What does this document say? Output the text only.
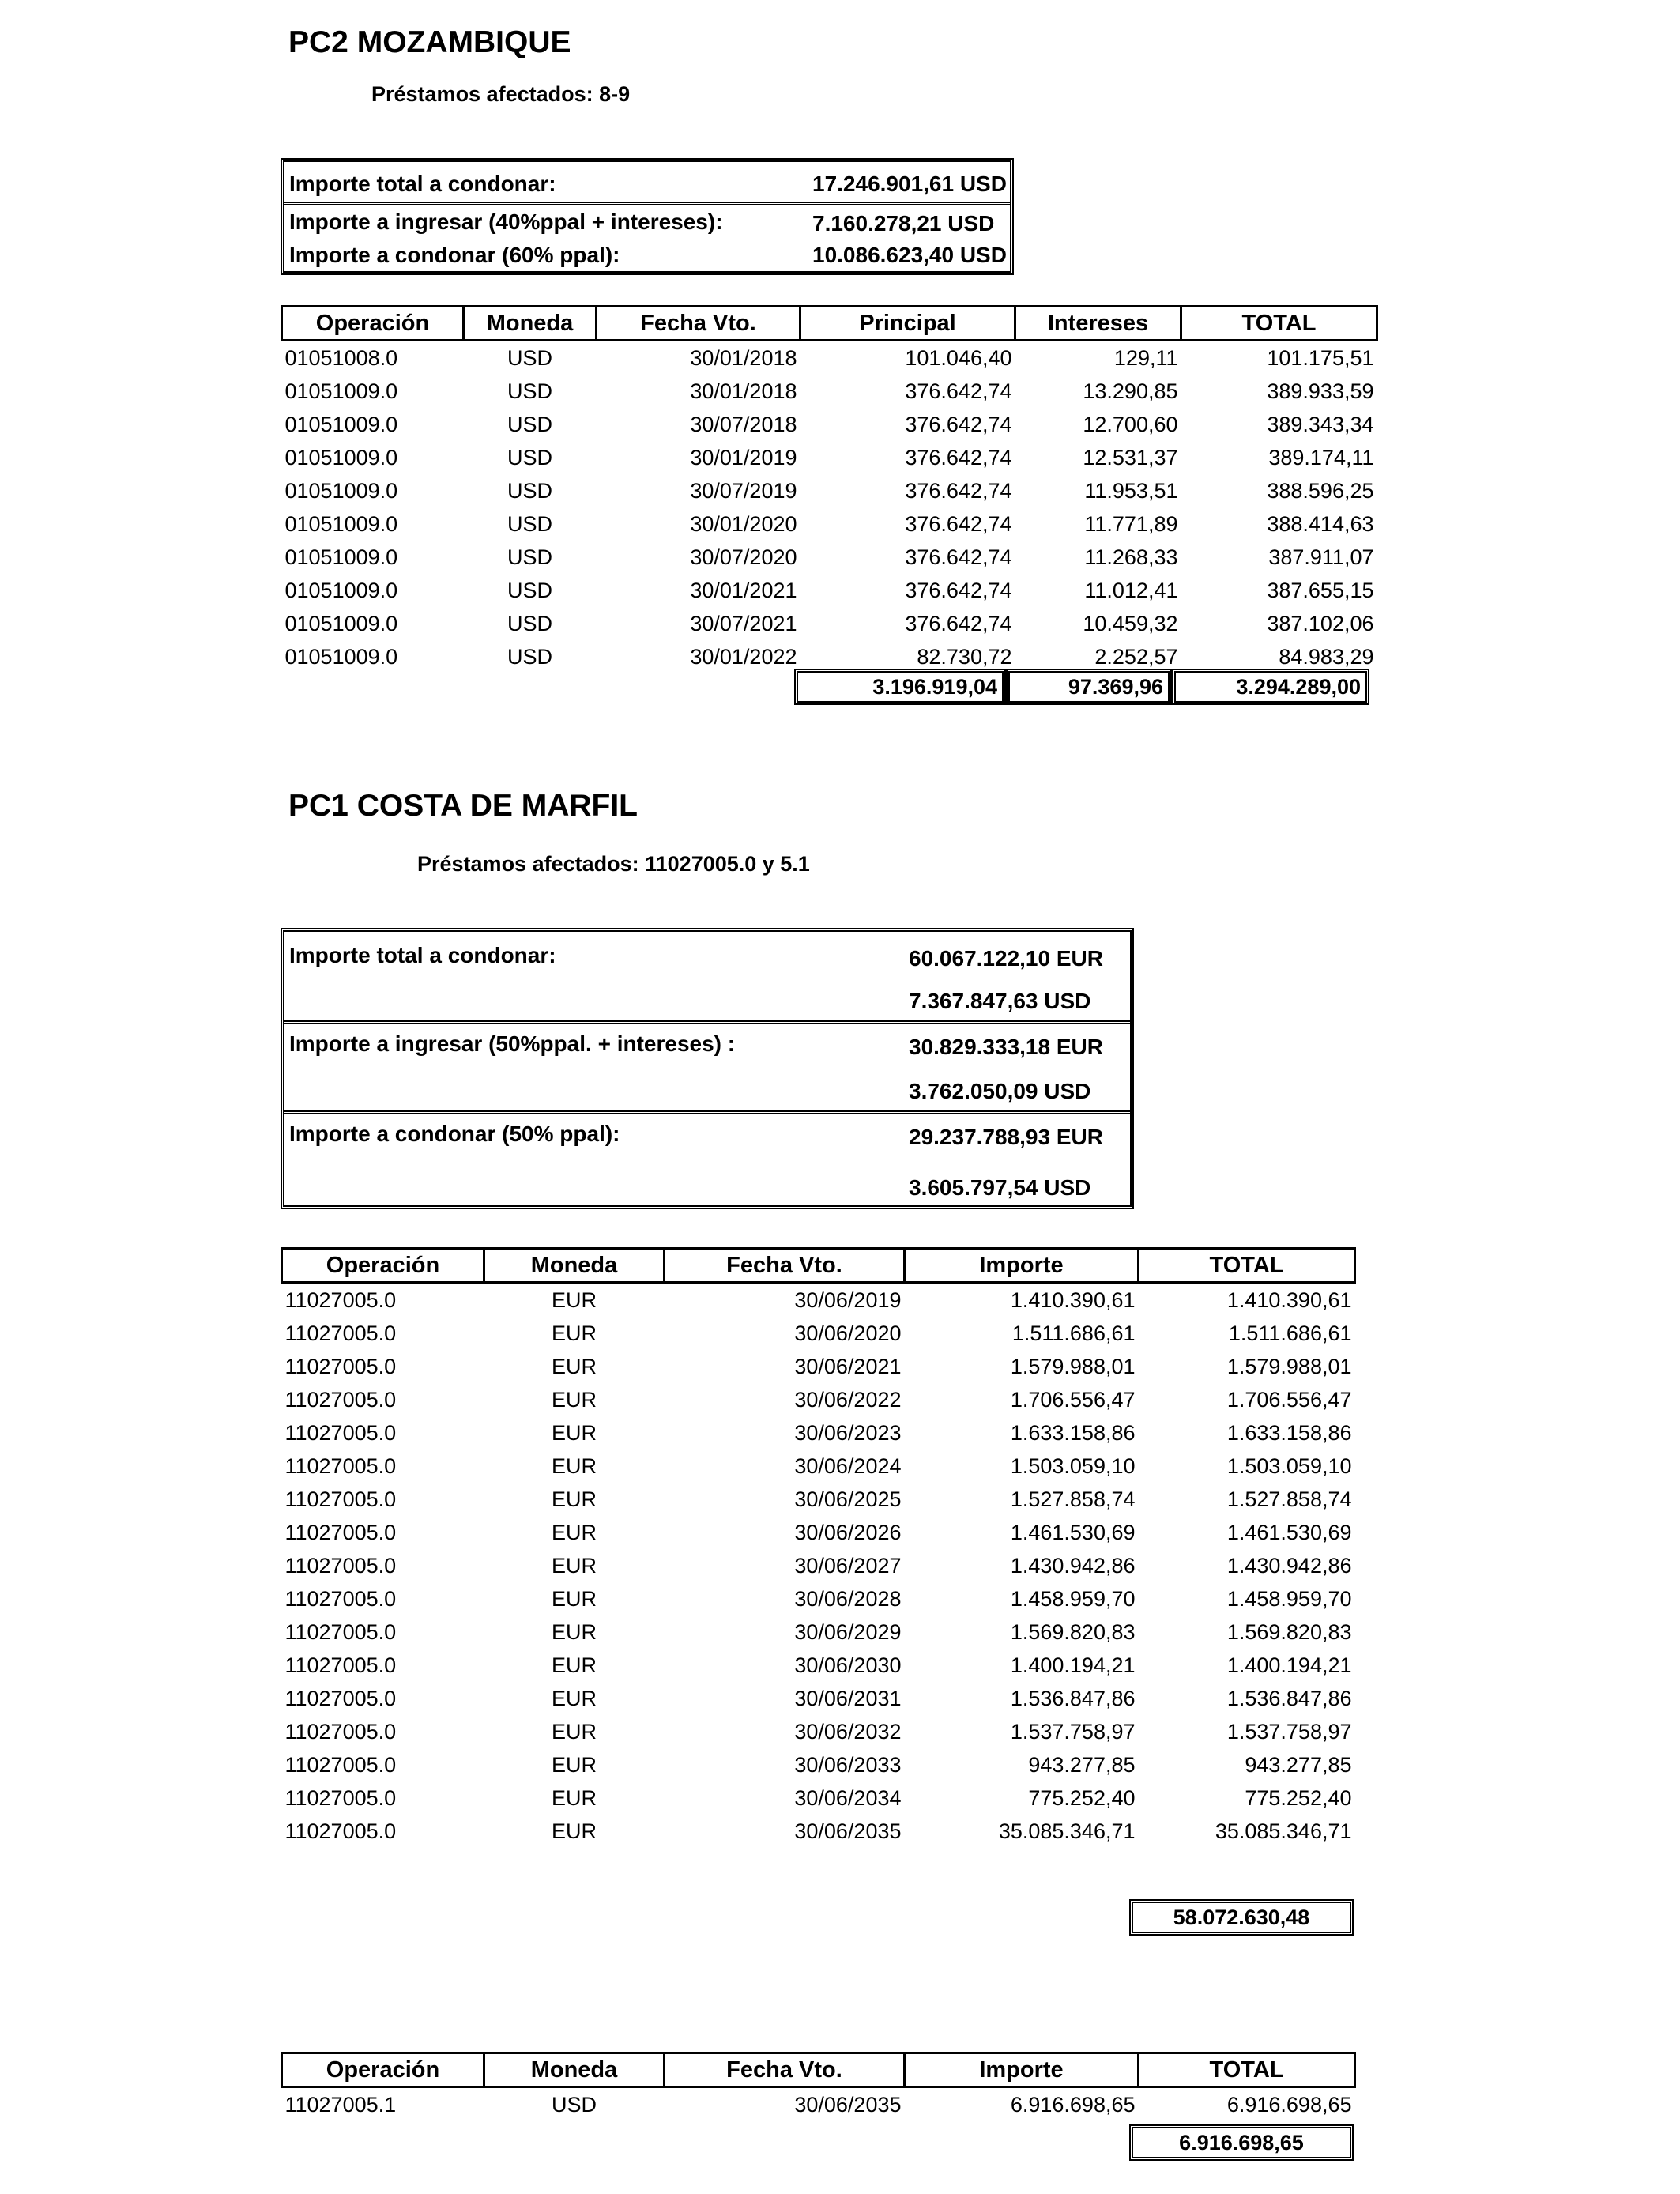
PC2 MOZAMBIQUE
Préstamos afectados: 8-9
Importe total a condonar:	17.246.901,61 USD
Importe a ingresar (40%ppal + intereses):	7.160.278,21 USD
Importe a condonar (60% ppal):	10.086.623,40 USD
Operación	Moneda	Fecha Vto.	Principal	Intereses	TOTAL
01051008.0	USD	30/01/2018	101.046,40	129,11	101.175,51
01051009.0	USD	30/01/2018	376.642,74	13.290,85	389.933,59
01051009.0	USD	30/07/2018	376.642,74	12.700,60	389.343,34
01051009.0	USD	30/01/2019	376.642,74	12.531,37	389.174,11
01051009.0	USD	30/07/2019	376.642,74	11.953,51	388.596,25
01051009.0	USD	30/01/2020	376.642,74	11.771,89	388.414,63
01051009.0	USD	30/07/2020	376.642,74	11.268,33	387.911,07
01051009.0	USD	30/01/2021	376.642,74	11.012,41	387.655,15
01051009.0	USD	30/07/2021	376.642,74	10.459,32	387.102,06
01051009.0	USD	30/01/2022	82.730,72	2.252,57	84.983,29
3.196.919,04	97.369,96	3.294.289,00
PC1 COSTA DE MARFIL
Préstamos afectados: 11027005.0 y 5.1
Importe total a condonar:	60.067.122,10 EUR
7.367.847,63 USD
Importe a ingresar (50%ppal. + intereses) :	30.829.333,18 EUR
3.762.050,09 USD
Importe a condonar (50% ppal):	29.237.788,93 EUR
3.605.797,54 USD
Operación	Moneda	Fecha Vto.	Importe	TOTAL
11027005.0	EUR	30/06/2019	1.410.390,61	1.410.390,61
11027005.0	EUR	30/06/2020	1.511.686,61	1.511.686,61
11027005.0	EUR	30/06/2021	1.579.988,01	1.579.988,01
11027005.0	EUR	30/06/2022	1.706.556,47	1.706.556,47
11027005.0	EUR	30/06/2023	1.633.158,86	1.633.158,86
11027005.0	EUR	30/06/2024	1.503.059,10	1.503.059,10
11027005.0	EUR	30/06/2025	1.527.858,74	1.527.858,74
11027005.0	EUR	30/06/2026	1.461.530,69	1.461.530,69
11027005.0	EUR	30/06/2027	1.430.942,86	1.430.942,86
11027005.0	EUR	30/06/2028	1.458.959,70	1.458.959,70
11027005.0	EUR	30/06/2029	1.569.820,83	1.569.820,83
11027005.0	EUR	30/06/2030	1.400.194,21	1.400.194,21
11027005.0	EUR	30/06/2031	1.536.847,86	1.536.847,86
11027005.0	EUR	30/06/2032	1.537.758,97	1.537.758,97
11027005.0	EUR	30/06/2033	943.277,85	943.277,85
11027005.0	EUR	30/06/2034	775.252,40	775.252,40
11027005.0	EUR	30/06/2035	35.085.346,71	35.085.346,71
58.072.630,48
Operación	Moneda	Fecha Vto.	Importe	TOTAL
11027005.1	USD	30/06/2035	6.916.698,65	6.916.698,65
6.916.698,65
